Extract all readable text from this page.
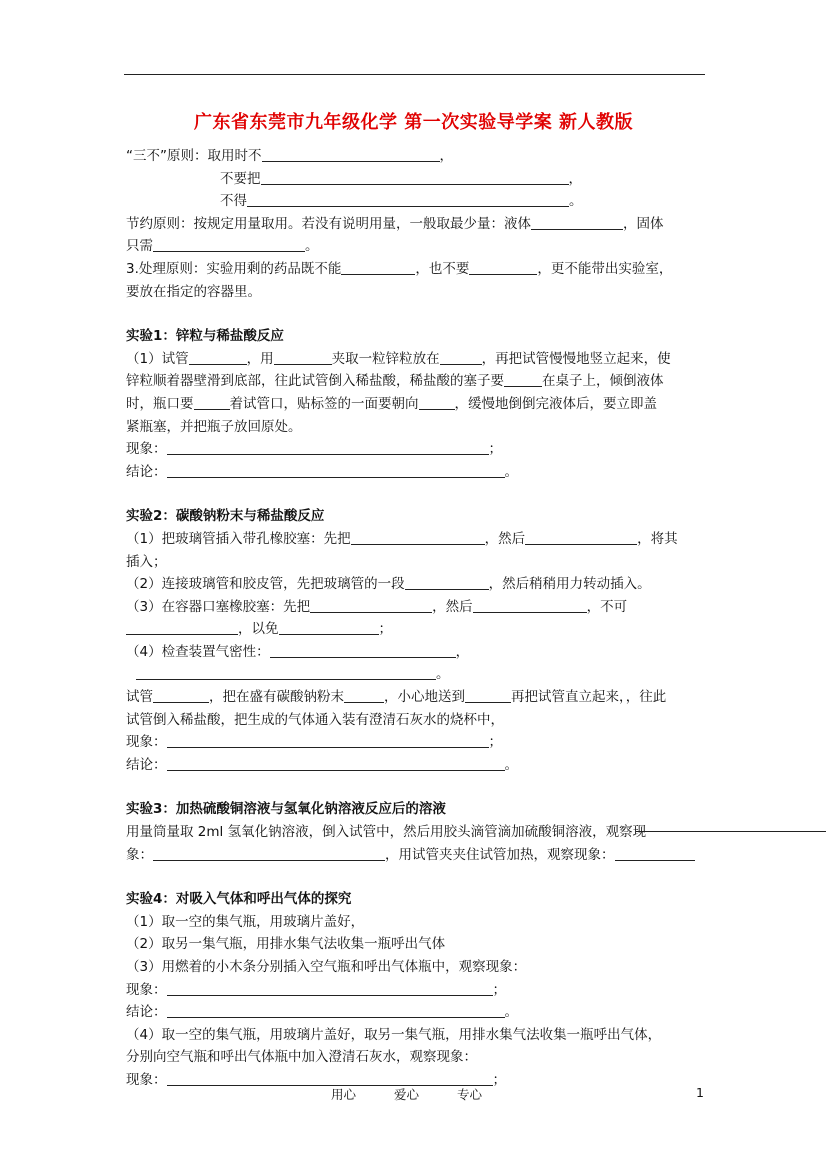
广东省东莞市九年级化学 第一次实验导学案 新人教版
“三不”原则：取用时不	，
不要把	，
不得	。
节约原则：按规定用量取用。若没有说明用量，一般取最少量：液体	，固体
只需	。
3.处理原则：实验用剩的药品既不能	，也不要	，更不能带出实验室，
要放在指定的容器里。
实验1：锌粒与稀盐酸反应
（1）试管	，用	夹取一粒锌粒放在	，再把试管慢慢地竖立起来，使
锌粒顺着器壁滑到底部，往此试管倒入稀盐酸，稀盐酸的塞子要	在桌子上，倾倒液体
时，瓶口要	着试管口，贴标签的一面要朝向	，缓慢地倒倒完液体后，要立即盖
紧瓶塞，并把瓶子放回原处。
现象：	；
结论：	。
实验2：碳酸钠粉末与稀盐酸反应
（1）把玻璃管插入带孔橡胶塞：先把	，然后	，将其
插入；
（2）连接玻璃管和胶皮管，先把玻璃管的一段	，然后稍稍用力转动插入。
（3）在容器口塞橡胶塞：先把	，然后	，不可
，以免	；
（4）检查装置气密性：	，
。
试管	，把在盛有碳酸钠粉末	，小心地送到	再把试管直立起来，，往此
试管倒入稀盐酸，把生成的气体通入装有澄清石灰水的烧杯中，
现象：	；
结论：	。
实验3：加热硫酸铜溶液与氢氧化钠溶液反应后的溶液
用量筒量取 2ml 氢氧化钠溶液，倒入试管中，然后用胶头滴管滴加硫酸铜溶液，观察现
象：	，用试管夹夹住试管加热，观察现象：
实验4：对吸入气体和呼出气体的探究
（1）取一空的集气瓶，用玻璃片盖好，
（2）取另一集气瓶，用排水集气法收集一瓶呼出气体
（3）用燃着的小木条分别插入空气瓶和呼出气体瓶中，观察现象：
现象：	；
结论：	。
（4）取一空的集气瓶，用玻璃片盖好，取另一集气瓶，用排水集气法收集一瓶呼出气体，
分别向空气瓶和呼出气体瓶中加入澄清石灰水，观察现象：
现象：	；
用心	爱心	专心	1
